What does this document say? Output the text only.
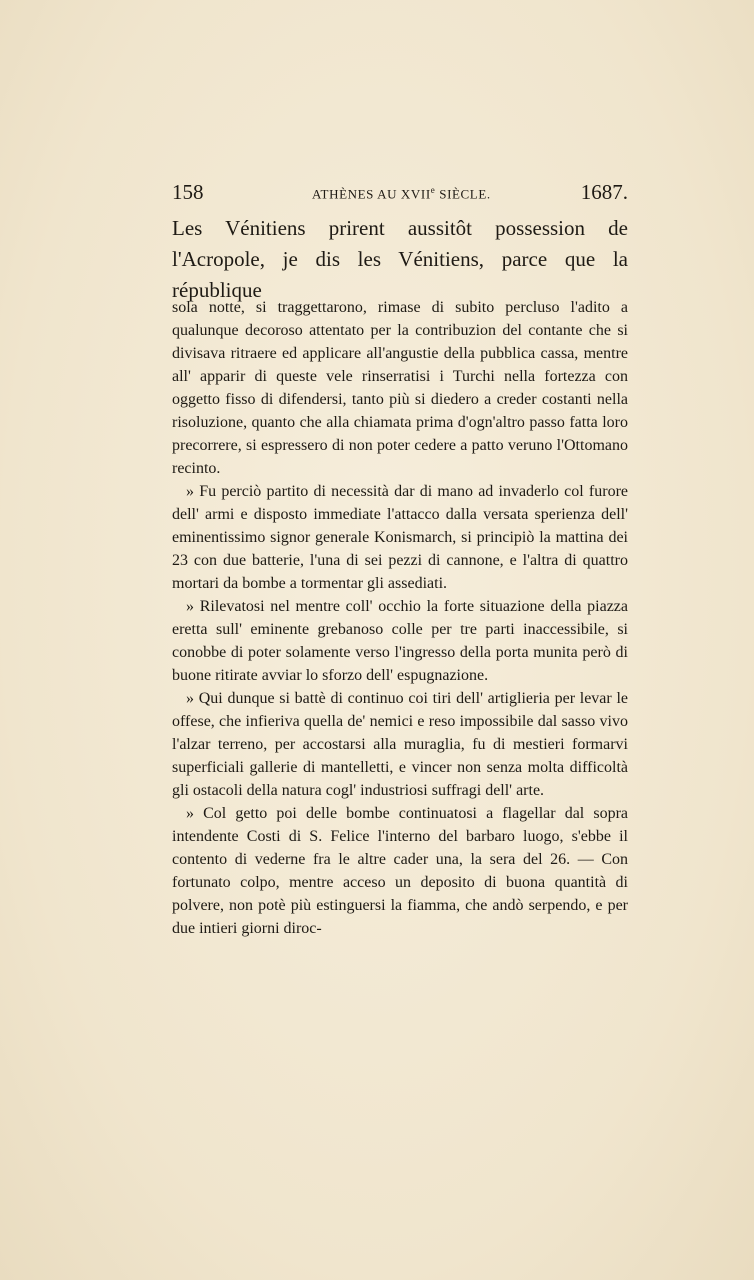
158	ATHÈNES AU XVIIe SIÈCLE.	1687.

Les Vénitiens prirent aussitôt possession de l'Acropole, je dis les Vénitiens, parce que la république

sola notte, si traggettarono, rimase di subito percluso l'adito a qualunque decoroso attentato per la contribuzion del contante che si divisava ritraere ed applicare all'angustie della pubblica cassa, mentre all' apparir di queste vele rinserratisi i Turchi nella fortezza con oggetto fisso di difendersi, tanto più si diedero a creder costanti nella risoluzione, quanto che alla chiamata prima d'ogn'altro passo fatta loro precorrere, si espressero di non poter cedere a patto veruno l'Ottomano recinto.

» Fu perciò partito di necessità dar di mano ad invaderlo col furore dell' armi e disposto immediate l'attacco dalla versata sperienza dell' eminentissimo signor generale Konismarch, si principiò la mattina dei 23 con due batterie, l'una di sei pezzi di cannone, e l'altra di quattro mortari da bombe a tormentar gli assediati.

» Rilevatosi nel mentre coll' occhio la forte situazione della piazza eretta sull' eminente grebanoso colle per tre parti inaccessibile, si conobbe di poter solamente verso l'ingresso della porta munita però di buone ritirate avviar lo sforzo dell' espugnazione.

» Qui dunque si battè di continuo coi tiri dell' artiglieria per levar le offese, che infieriva quella de' nemici e reso impossibile dal sasso vivo l'alzar terreno, per accostarsi alla muraglia, fu di mestieri formarvi superficiali gallerie di mantelletti, e vincer non senza molta difficoltà gli ostacoli della natura cogl' industriosi suffragi dell' arte.

» Col getto poi delle bombe continuatosi a flagellar dal sopra intendente Costi di S. Felice l'interno del barbaro luogo, s'ebbe il contento di vederne fra le altre cader una, la sera del 26. — Con fortunato colpo, mentre acceso un deposito di buona quantità di polvere, non potè più estinguersi la fiamma, che andò serpendo, e per due intieri giorni diroc-
